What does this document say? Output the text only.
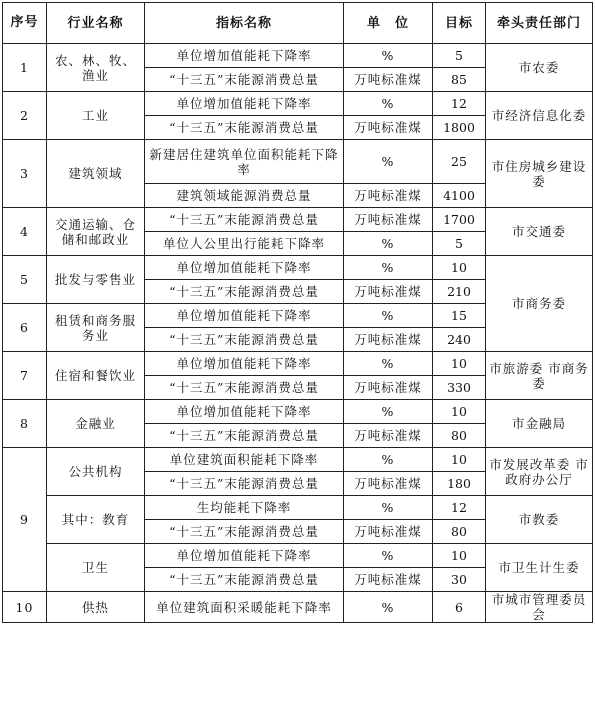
序号	行业名称	指标名称	单　位	目标	牵头责任部门
1	农、林、牧、渔业	单位增加值能耗下降率	%	5	市农委
		“十三五”末能源消费总量	万吨标准煤	85	
2	工业	单位增加值能耗下降率	%	12	市经济信息化委
		“十三五”末能源消费总量	万吨标准煤	1800	
3	建筑领域	新建居住建筑单位面积能耗下降率	%	25	市住房城乡建设委
		建筑领域能源消费总量	万吨标准煤	4100	
4	交通运输、仓储和邮政业	“十三五”末能源消费总量	万吨标准煤	1700	市交通委
		单位人公里出行能耗下降率	%	5	
5	批发与零售业	单位增加值能耗下降率	%	10	市商务委
		“十三五”末能源消费总量	万吨标准煤	210	
6	租赁和商务服务业	单位增加值能耗下降率	%	15	
		“十三五”末能源消费总量	万吨标准煤	240	
7	住宿和餐饮业	单位增加值能耗下降率	%	10	市旅游委 市商务委
		“十三五”末能源消费总量	万吨标准煤	330	
8	金融业	单位增加值能耗下降率	%	10	市金融局
		“十三五”末能源消费总量	万吨标准煤	80	
9	公共机构	单位建筑面积能耗下降率	%	10	市发展改革委 市政府办公厅
		“十三五”末能源消费总量	万吨标准煤	180	
	其中：教育	生均能耗下降率	%	12	市教委
		“十三五”末能源消费总量	万吨标准煤	80	
	卫生	单位增加值能耗下降率	%	10	市卫生计生委
		“十三五”末能源消费总量	万吨标准煤	30	
10	供热	单位建筑面积采暖能耗下降率	%	6	市城市管理委员会
